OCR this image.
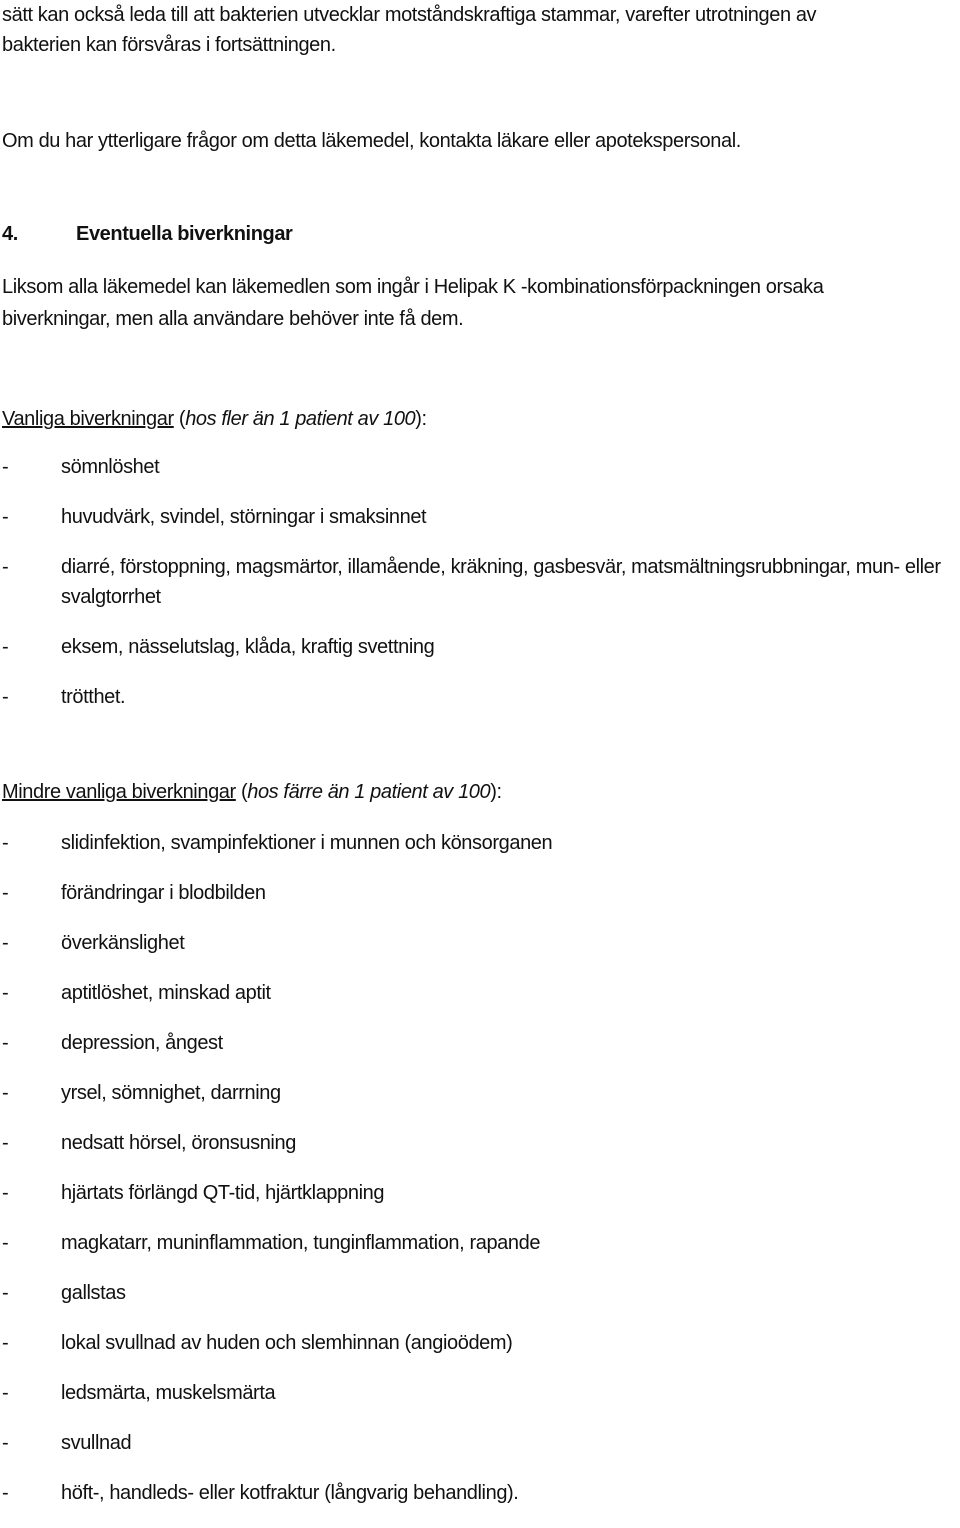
sätt kan också leda till att bakterien utvecklar motståndskraftiga stammar, varefter utrotningen av

bakterien kan försvåras i fortsättningen.

Om du har ytterligare frågor om detta läkemedel, kontakta läkare eller apotekspersonal.
4.	Eventuella biverkningar
Liksom alla läkemedel kan läkemedlen som ingår i Helipak K -kombinationsförpackningen orsaka
biverkningar, men alla användare behöver inte få dem.
Vanliga biverkningar (hos fler än 1 patient av 100):
-	sömnlöshet
-	huvudvärk, svindel, störningar i smaksinnet
-	diarré, förstoppning, magsmärtor, illamående, kräkning, gasbesvär, matsmältningsrubbningar, mun- eller svalgtorrhet
-	eksem, nässelutslag, klåda, kraftig svettning
-	trötthet.
Mindre vanliga biverkningar (hos färre än 1 patient av 100):
-	slidinfektion, svampinfektioner i munnen och könsorganen
-	förändringar i blodbilden
-	överkänslighet
-	aptitlöshet, minskad aptit
-	depression, ångest
-	yrsel, sömnighet, darrning
-	nedsatt hörsel, öronsusning
-	hjärtats förlängd QT-tid, hjärtklappning
-	magkatarr, muninflammation, tunginflammation, rapande
-	gallstas
-	lokal svullnad av huden och slemhinnan (angioödem)
-	ledsmärta, muskelsmärta
-	svullnad
-	höft-, handleds- eller kotfraktur (långvarig behandling).
